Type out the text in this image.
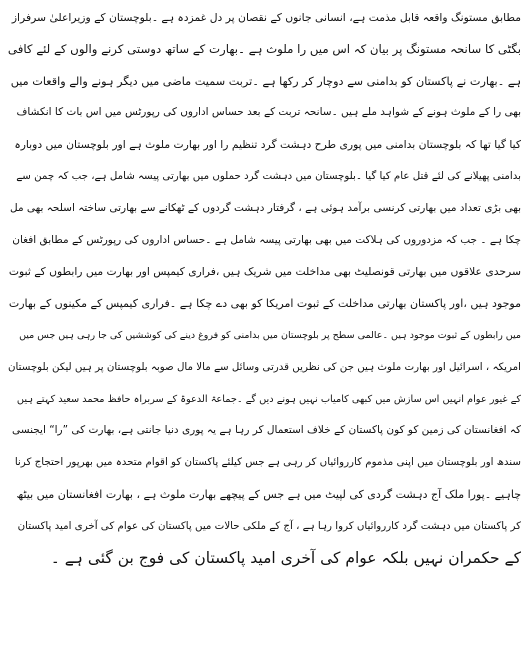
مطابق مستونگ واقعہ قابل مذمت ہے، انسانی جانوں کے نقصان پر دل غمزدہ ہے ۔بلوچستان کے وزیراعلیٰ سرفراز
بگٹی کا سانحہ مستونگ پر بیان کہ اس میں را ملوث ہے ۔بھارت کے ساتھ دوستی کرنے والوں کے لئے کافی
ہے ۔بھارت نے پاکستان کو بدامنی سے دوچار کر رکھا ہے ۔تربت سمیت ماضی میں دیگر ہونے والے واقعات میں
بھی را کے ملوث ہونے کے شواہد ملے ہیں ۔سانحہ تربت کے بعد حساس اداروں کی رپورٹس میں اس بات کا انکشاف
کیا گیا تھا کہ بلوچستان بدامنی میں پوری طرح دہشت گرد تنظیم را اور بھارت ملوث ہے اور بلوچستان میں دوبارہ
بدامنی پھیلانے کی لئے قتل عام کیا گیا ۔بلوچستان میں دہشت گرد حملوں میں بھارتی پیسہ شامل ہے، جب کہ چمن سے
بھی بڑی تعداد میں بھارتی کرنسی برآمد ہوئی ہے ، گرفتار دہشت گردوں کے ٹھکانے سے بھارتی ساختہ اسلحہ بھی مل
چکا ہے ۔ جب کہ مزدوروں کی ہلاکت میں بھی بھارتی پیسہ شامل ہے ۔حساس اداروں کی رپورٹس کے مطابق افغان
سرحدی علاقوں میں بھارتی قونصلیٹ بھی مداخلت میں شریک ہیں ،فراری کیمپس اور بھارت میں رابطوں کے ثبوت
موجود ہیں ،اور پاکستان بھارتی مداخلت کے ثبوت امریکا کو بھی دے چکا ہے ۔فراری کیمپس کے مکینوں کے بھارت
میں رابطوں کے ثبوت موجود ہیں ۔عالمی سطح پر بلوچستان میں بدامنی کو فروغ دینے کی کوششیں کی جا رہی ہیں جس میں
امریکہ ، اسرائیل اور بھارت ملوث ہیں جن کی نظریں قدرتی وسائل سے مالا مال صوبہ بلوچستان پر ہیں لیکن بلوچستان
کے غیور عوام انہیں اس سازش میں کبھی کامیاب نہیں ہونے دیں گے ۔جماعۃ الدعوۃ کے سربراہ حافظ محمد سعید کہتے ہیں
کہ افغانستان کی زمین کو کون پاکستان کے خلاف استعمال کر رہا ہے یہ پوری دنیا جانتی ہے، بھارت کی ”را“ ایجنسی
سندھ اور بلوچستان میں اپنی مذموم کارروائیاں کر رہی ہے جس کیلئے پاکستان کو اقوام متحدہ میں بھرپور احتجاج کرنا
چاہیے ۔پورا ملک آج دہشت گردی کی لپیٹ میں ہے جس کے پیچھے بھارت ملوث ہے ، بھارت افغانستان میں بیٹھ
کر پاکستان میں دہشت گرد کارروائیاں کروا رہا ہے ، آج کے ملکی حالات میں پاکستان کی عوام کی آخری امید پاکستان
کے حکمران نہیں بلکہ عوام کی آخری امید پاکستان کی فوج بن گئی ہے ۔
